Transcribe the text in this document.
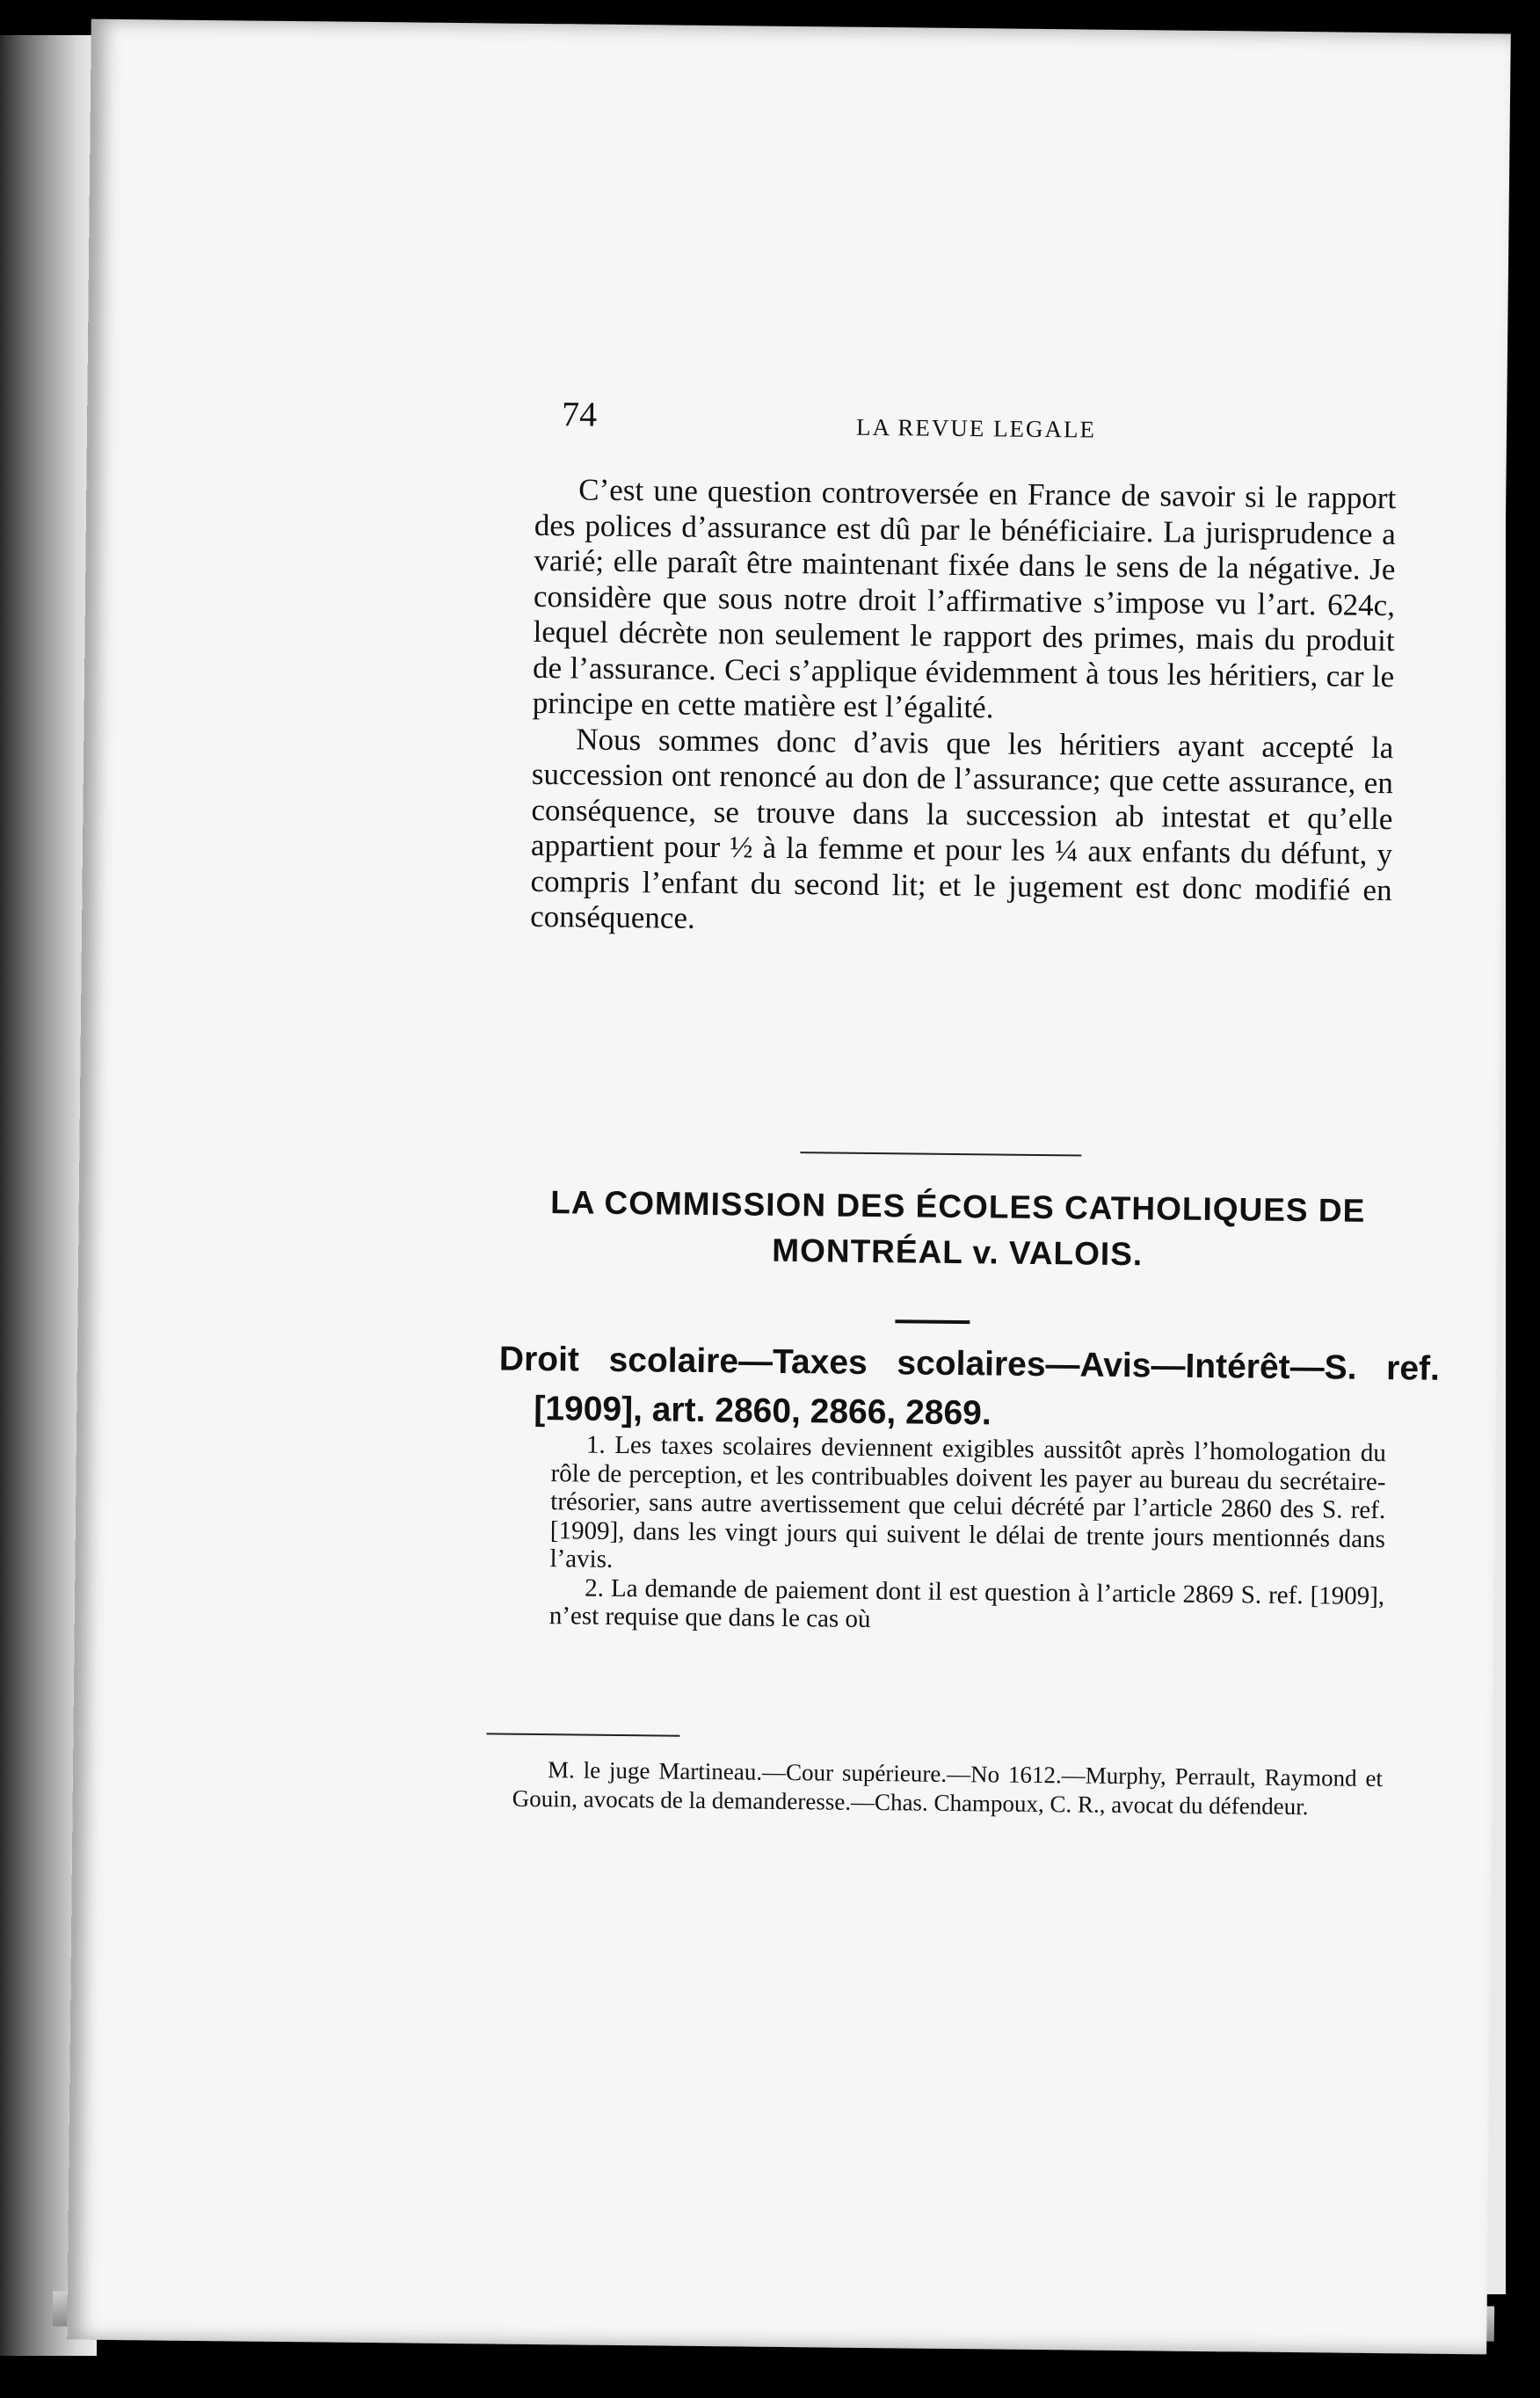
74	LA REVUE LEGALE

C’est une question controversée en France de savoir si le rapport des polices d’assurance est dû par le bénéficiaire. La jurisprudence a varié; elle paraît être maintenant fixée dans le sens de la négative. Je considère que sous notre droit l’affirmative s’impose vu l’art. 624c, lequel décrète non seulement le rapport des primes, mais du produit de l’assurance. Ceci s’applique évidemment à tous les héritiers, car le principe en cette matière est l’égalité.

Nous sommes donc d’avis que les héritiers ayant accepté la succession ont renoncé au don de l’assurance; que cette assurance, en conséquence, se trouve dans la succession ab intestat et qu’elle appartient pour ½ à la femme et pour les ¼ aux enfants du défunt, y compris l’enfant du second lit; et le jugement est donc modifié en conséquence.

LA COMMISSION DES ÉCOLES CATHOLIQUES DE MONTRÉAL v. VALOIS.
Droit scolaire—Taxes scolaires—Avis—Intérêt—S. ref. [1909], art. 2860, 2866, 2869.

1. Les taxes scolaires deviennent exigibles aussitôt après l’homologation du rôle de perception, et les contribuables doivent les payer au bureau du secrétaire-trésorier, sans autre avertissement que celui décrété par l’article 2860 des S. ref. [1909], dans les vingt jours qui suivent le délai de trente jours mentionnés dans l’avis.

2. La demande de paiement dont il est question à l’article 2869 S. ref. [1909], n’est requise que dans le cas où

M. le juge Martineau.—Cour supérieure.—No 1612.—Murphy, Perrault, Raymond et Gouin, avocats de la demanderesse.—Chas. Champoux, C. R., avocat du défendeur.
